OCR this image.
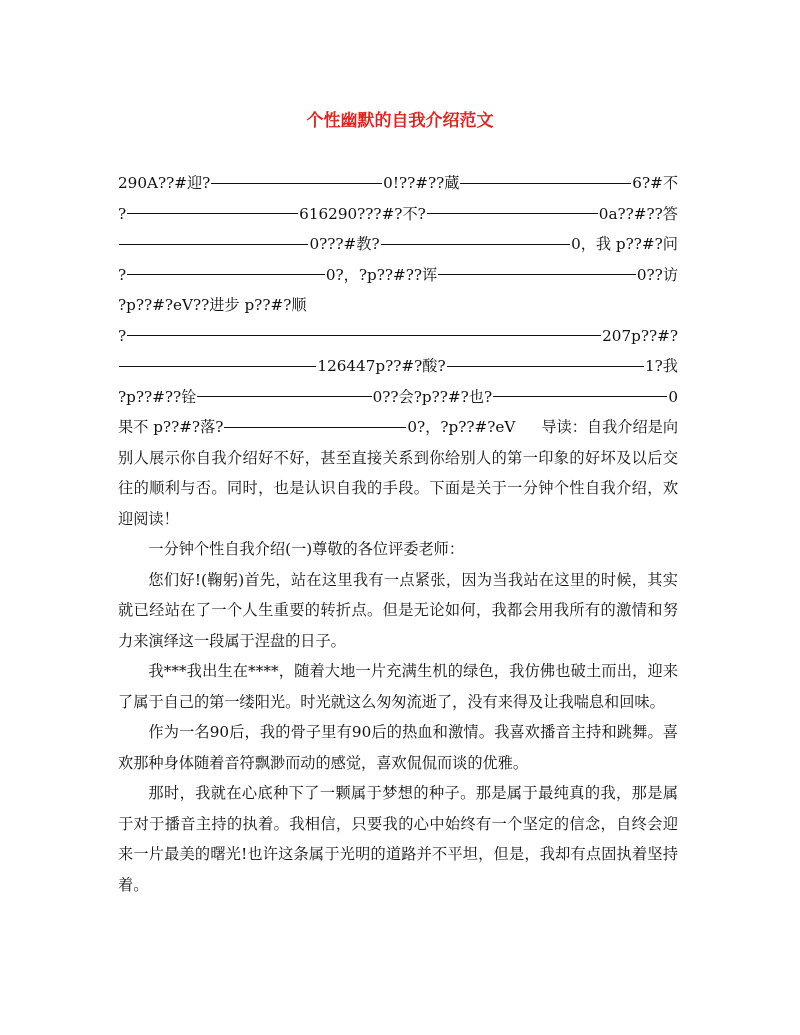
个性幽默的自我介绍范文
290A??#迎?	0!??#??蔵	6?#不
?	616290???#?不?	0a??#??答
0???#教?	0，我 p??#?问
?	0?，?p??#??诨	0??访
?p??#?eV??进步 p??#?顺
?	207p??#?
126447p??#?酸?	1?我
?p??#??铨	0??会?p??#?也?	0
果不 p??#?落?	0?，?p??#?eV 导读：自我介绍是向

别人展示你自我介绍好不好，甚至直接关系到你给别人的第一印象的好坏及以后交往的顺利与否。同时，也是认识自我的手段。下面是关于一分钟个性自我介绍，欢迎阅读！

一分钟个性自我介绍(一)尊敬的各位评委老师：

您们好!(鞠躬)首先，站在这里我有一点紧张，因为当我站在这里的时候，其实就已经站在了一个人生重要的转折点。但是无论如何，我都会用我所有的激情和努力来演绎这一段属于涅盘的日子。

我***我出生在****，随着大地一片充满生机的绿色，我仿佛也破土而出，迎来了属于自己的第一缕阳光。时光就这么匆匆流逝了，没有来得及让我喘息和回味。

作为一名90后，我的骨子里有90后的热血和激情。我喜欢播音主持和跳舞。喜欢那种身体随着音符飘渺而动的感觉，喜欢侃侃而谈的优雅。

那时，我就在心底种下了一颗属于梦想的种子。那是属于最纯真的我，那是属于对于播音主持的执着。我相信，只要我的心中始终有一个坚定的信念，自终会迎来一片最美的曙光!也许这条属于光明的道路并不平坦，但是，我却有点固执着坚持着。
